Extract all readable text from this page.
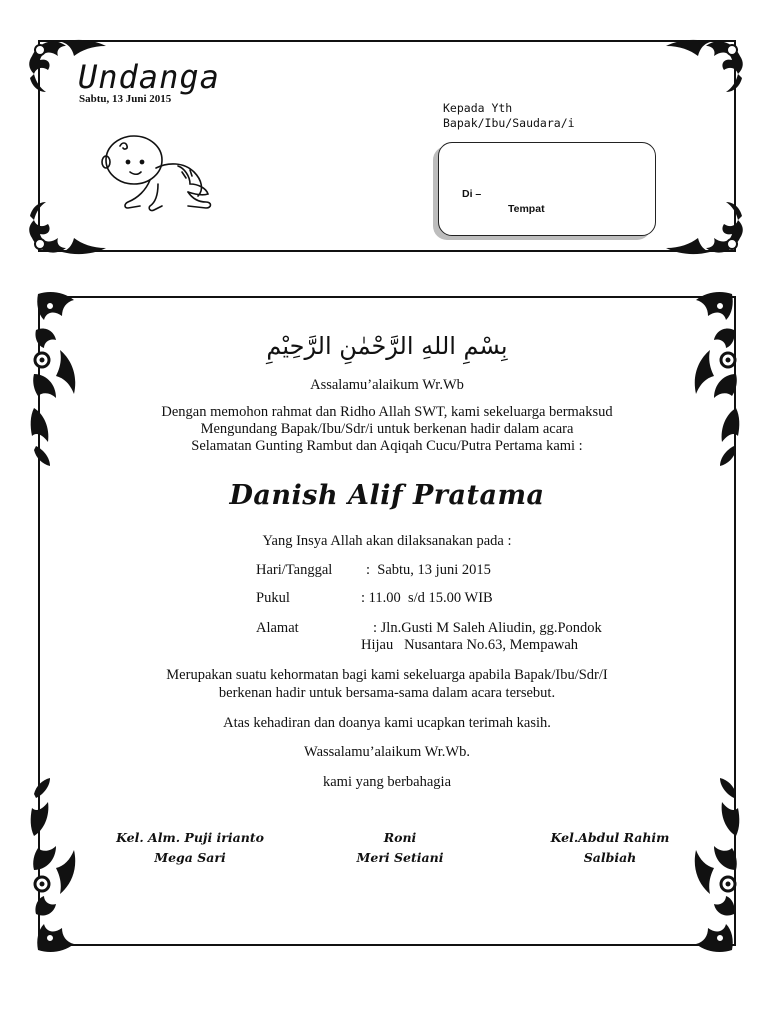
Undanga
Sabtu, 13 Juni 2015
Kepada Yth
Bapak/Ibu/Saudara/i
Di –
Tempat
بِسْمِ اللهِ الرَّحْمٰنِ الرَّحِيْمِ
Assalamu’alaikum Wr.Wb
Dengan memohon rahmat dan Ridho Allah SWT, kami sekeluarga bermaksud
Mengundang Bapak/Ibu/Sdr/i untuk berkenan hadir dalam acara
Selamatan Gunting Rambut dan Aqiqah Cucu/Putra Pertama kami :
Danish Alif Pratama
Yang Insya Allah akan dilaksanakan pada :
Hari/Tanggal :  Sabtu, 13 juni 2015
Pukul	: 11.00  s/d 15.00 WIB
Alamat	: Jln.Gusti M Saleh Aliudin, gg.Pondok
Hijau   Nusantara No.63, Mempawah
Merupakan suatu kehormatan bagi kami sekeluarga apabila Bapak/Ibu/Sdr/I
berkenan hadir untuk bersama-sama dalam acara tersebut.
Atas kehadiran dan doanya kami ucapkan terimah kasih.
Wassalamu’alaikum Wr.Wb.
kami yang berbahagia
Kel. Alm. Puji irianto
Mega Sari
Roni
Meri Setiani
Kel.Abdul Rahim
Salbiah
